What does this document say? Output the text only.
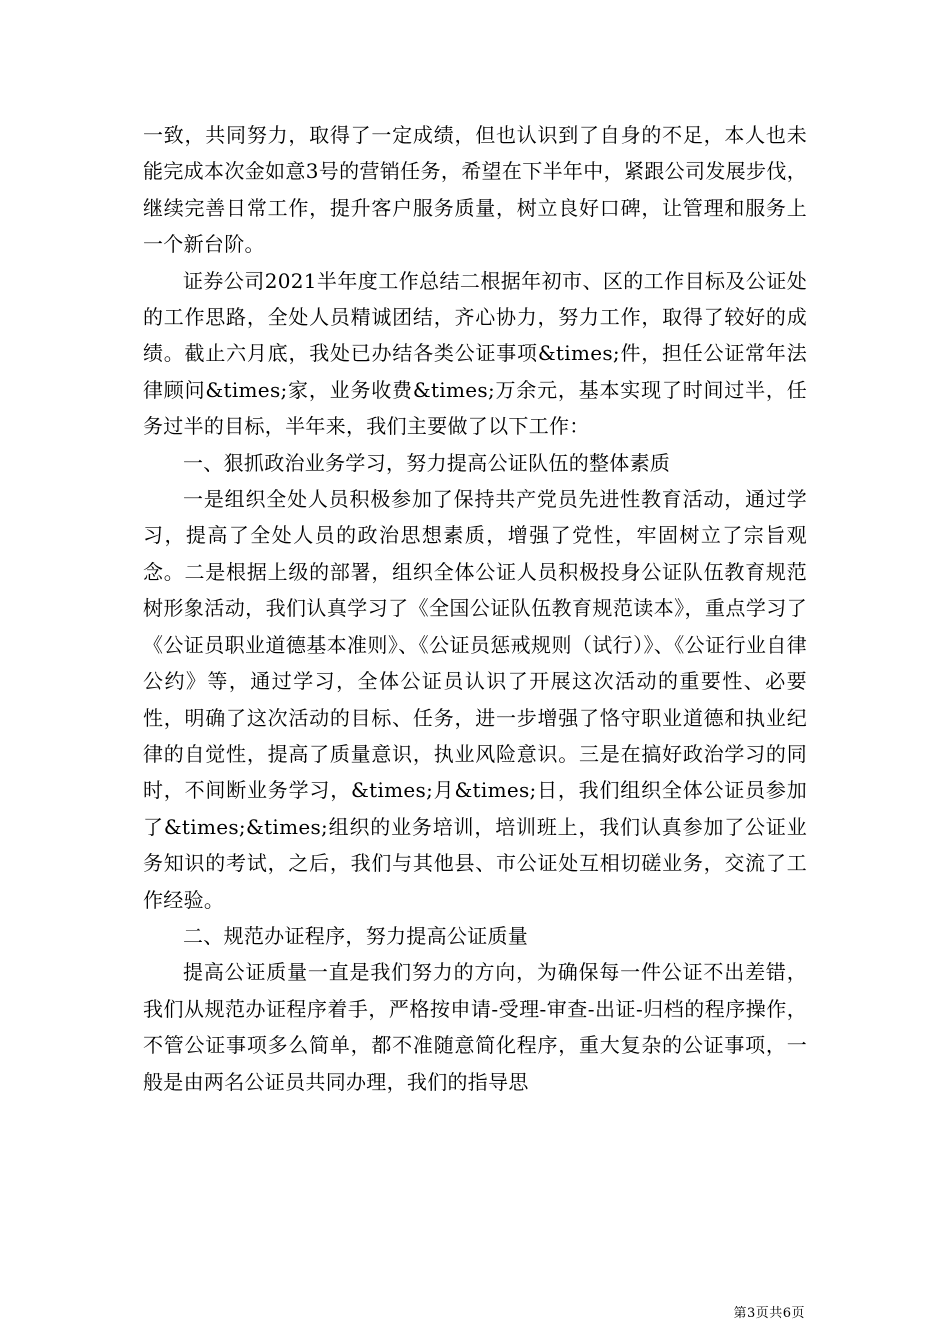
一致，共同努力，取得了一定成绩，但也认识到了自身的不足，本人也未能完成本次金如意3号的营销任务，希望在下半年中，紧跟公司发展步伐，继续完善日常工作，提升客户服务质量，树立良好口碑，让管理和服务上一个新台阶。

证券公司2021半年度工作总结二根据年初市、区的工作目标及公证处的工作思路，全处人员精诚团结，齐心协力，努力工作，取得了较好的成绩。截止六月底，我处已办结各类公证事项&times;件，担任公证常年法律顾问&times;家，业务收费&times;万余元，基本实现了时间过半，任务过半的目标，半年来，我们主要做了以下工作：

一、狠抓政治业务学习，努力提高公证队伍的整体素质

一是组织全处人员积极参加了保持共产党员先进性教育活动，通过学习，提高了全处人员的政治思想素质，增强了党性，牢固树立了宗旨观念。二是根据上级的部署，组织全体公证人员积极投身公证队伍教育规范树形象活动，我们认真学习了《全国公证队伍教育规范读本》，重点学习了《公证员职业道德基本准则》、《公证员惩戒规则（试行）》、《公证行业自律公约》等，通过学习，全体公证员认识了开展这次活动的重要性、必要性，明确了这次活动的目标、任务，进一步增强了恪守职业道德和执业纪律的自觉性，提高了质量意识，执业风险意识。三是在搞好政治学习的同时，不间断业务学习，&times;月&times;日，我们组织全体公证员参加了&times;&times;组织的业务培训，培训班上，我们认真参加了公证业务知识的考试，之后，我们与其他县、市公证处互相切磋业务，交流了工作经验。

二、规范办证程序，努力提高公证质量

提高公证质量一直是我们努力的方向，为确保每一件公证不出差错，我们从规范办证程序着手，严格按申请-受理-审查-出证-归档的程序操作，不管公证事项多么简单，都不准随意简化程序，重大复杂的公证事项，一般是由两名公证员共同办理，我们的指导思

第3页共6页
